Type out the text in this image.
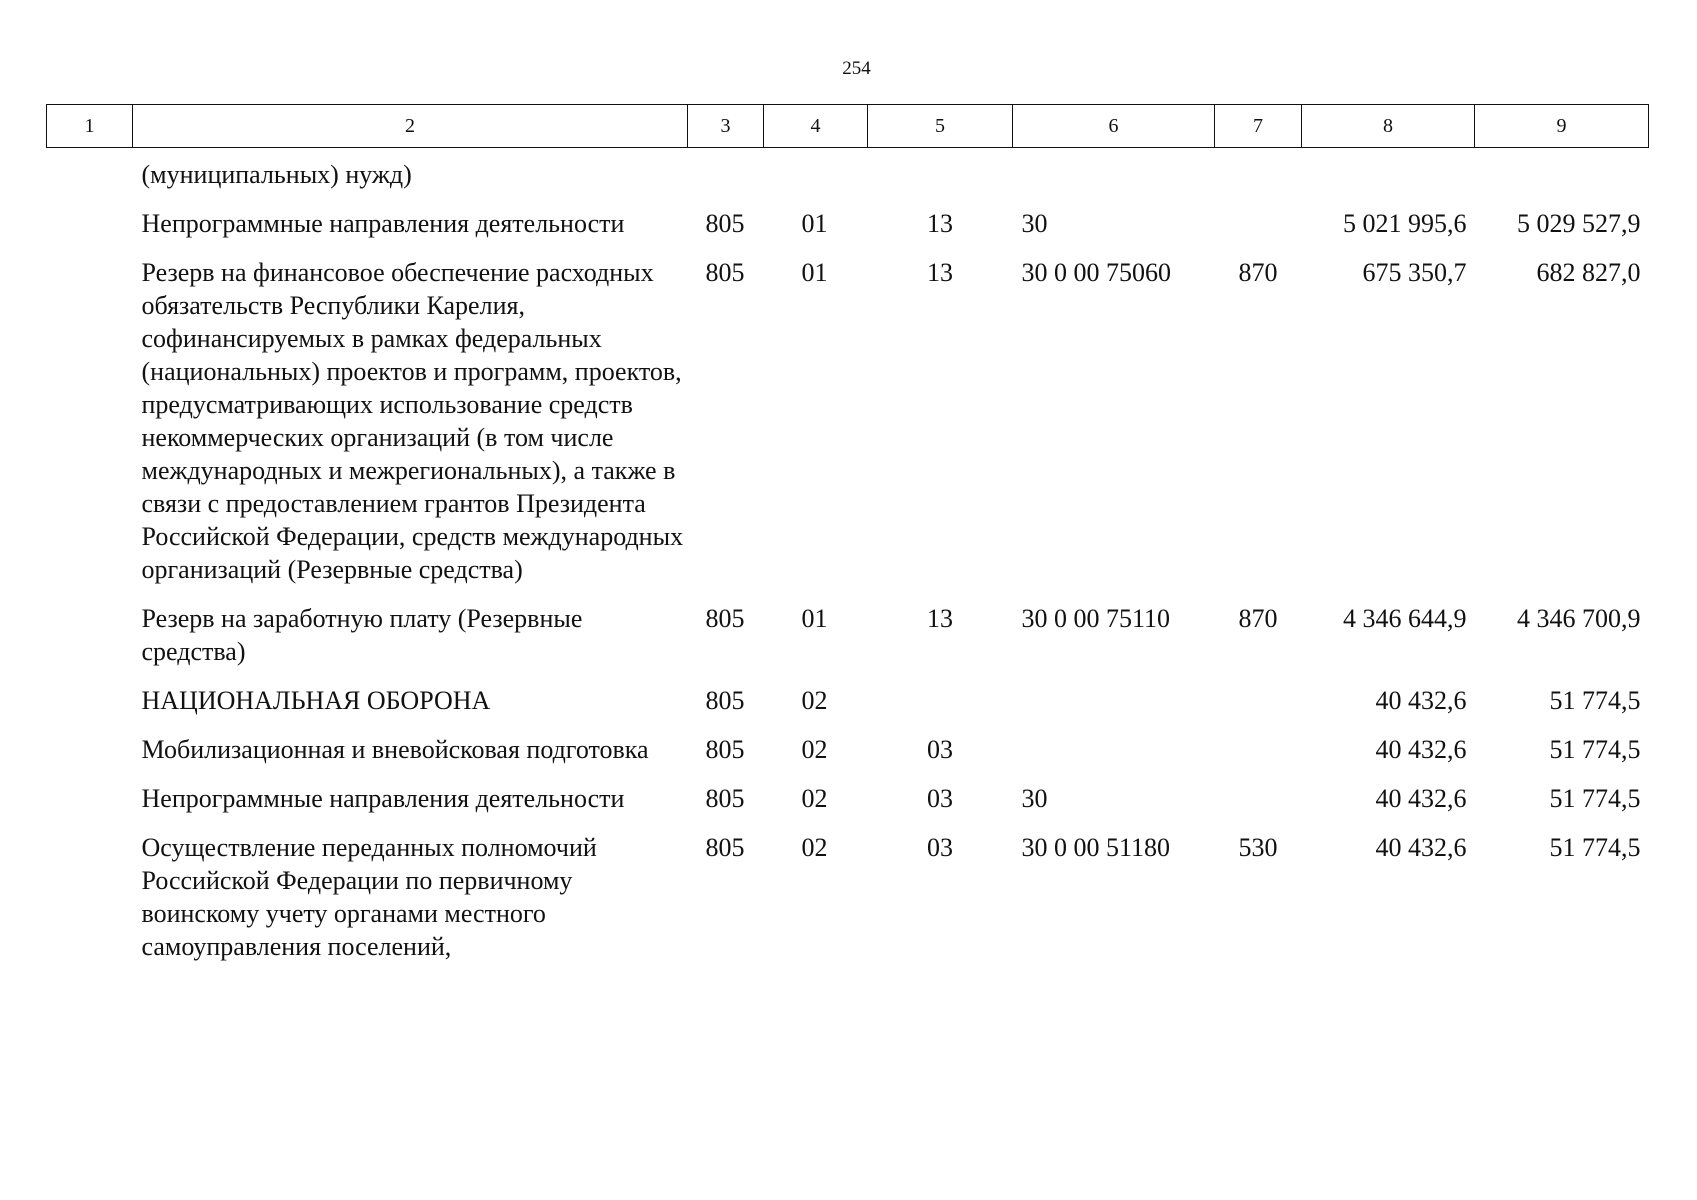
254
1	2	3	4	5	6	7	8	9
	(муниципальных) нужд)							
	Непрограммные направления деятельности	805	01	13	30		5 021 995,6	5 029 527,9
	Резерв на финансовое обеспечение расходных обязательств Республики Карелия, софинансируемых в рамках федеральных (национальных) проектов и программ, проектов, предусматривающих использование средств некоммерческих организаций (в том числе международных и межрегиональных), а также в связи с предоставлением грантов Президента Российской Федерации, средств международных организаций (Резервные средства)	805	01	13	30 0 00 75060	870	675 350,7	682 827,0
	Резерв на заработную плату (Резервные средства)	805	01	13	30 0 00 75110	870	4 346 644,9	4 346 700,9
	НАЦИОНАЛЬНАЯ ОБОРОНА	805	02				40 432,6	51 774,5
	Мобилизационная и вневойсковая подготовка	805	02	03			40 432,6	51 774,5
	Непрограммные направления деятельности	805	02	03	30		40 432,6	51 774,5
	Осуществление переданных полномочий Российской Федерации по первичному воинскому учету органами местного самоуправления поселений,	805	02	03	30 0 00 51180	530	40 432,6	51 774,5
